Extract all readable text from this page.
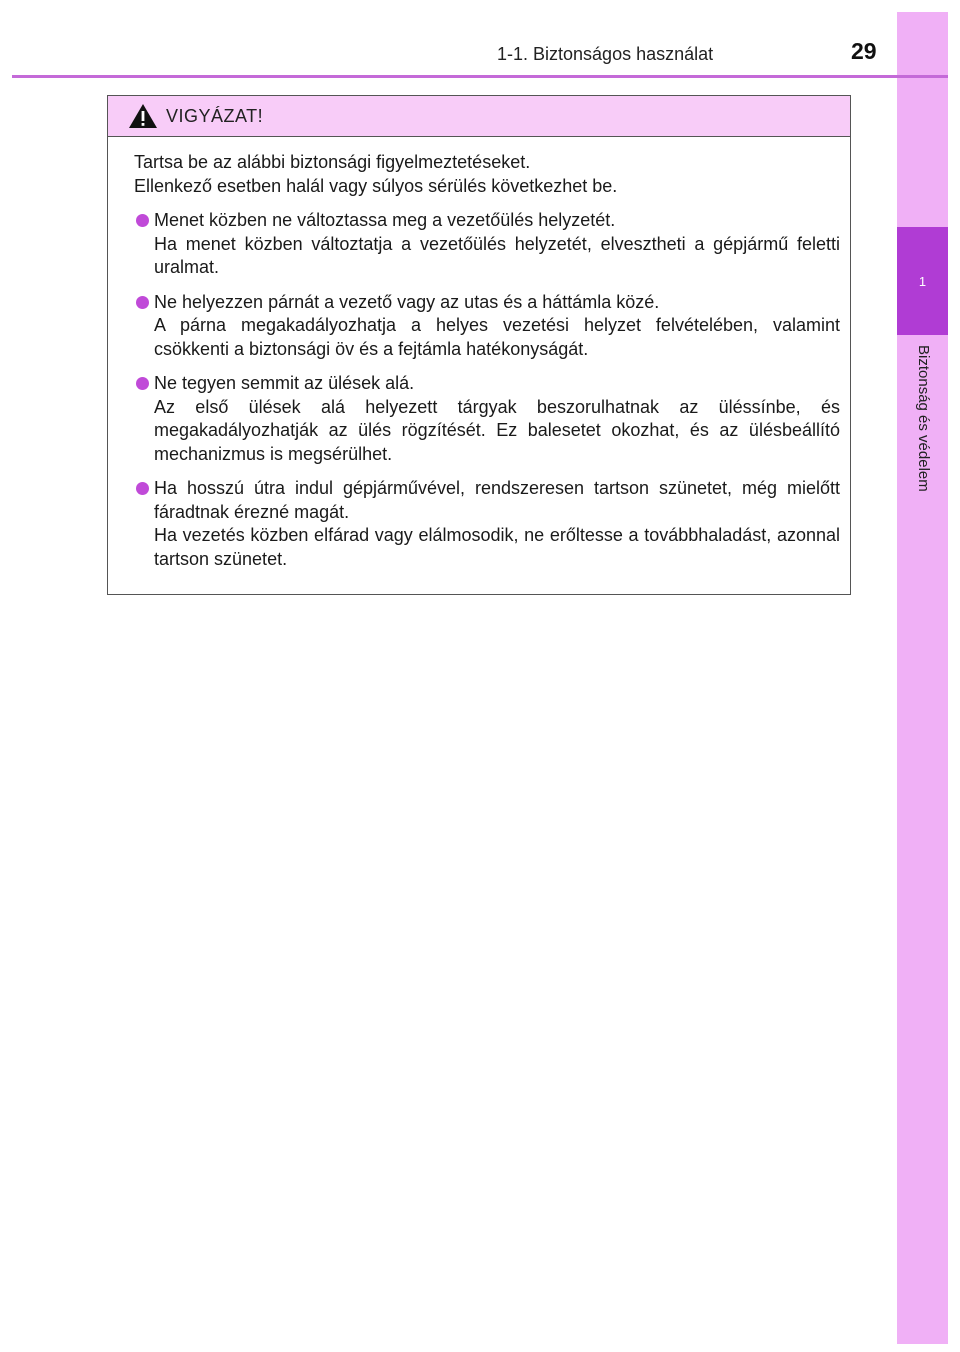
1
Biztonság és védelem
1-1. Biztonságos használat	29
VIGYÁZAT!

Tartsa be az alábbi biztonsági figyelmeztetéseket.

Ellenkező esetben halál vagy súlyos sérülés következhet be.

Menet közben ne változtassa meg a vezetőülés helyzetét.

Ha menet közben változtatja a vezetőülés helyzetét, elvesztheti a gépjármű feletti uralmat.

Ne helyezzen párnát a vezető vagy az utas és a háttámla közé.

A párna megakadályozhatja a helyes vezetési helyzet felvételében, valamint csökkenti a biztonsági öv és a fejtámla hatékonyságát.

Ne tegyen semmit az ülések alá.

Az első ülések alá helyezett tárgyak beszorulhatnak az üléssínbe, és megakadályozhatják az ülés rögzítését. Ez balesetet okozhat, és az ülésbeállító mechanizmus is megsérülhet.

Ha hosszú útra indul gépjárművével, rendszeresen tartson szünetet, még mielőtt fáradtnak érezné magát.

Ha vezetés közben elfárad vagy elálmosodik, ne erőltesse a továbbhaladást, azonnal tartson szünetet.
